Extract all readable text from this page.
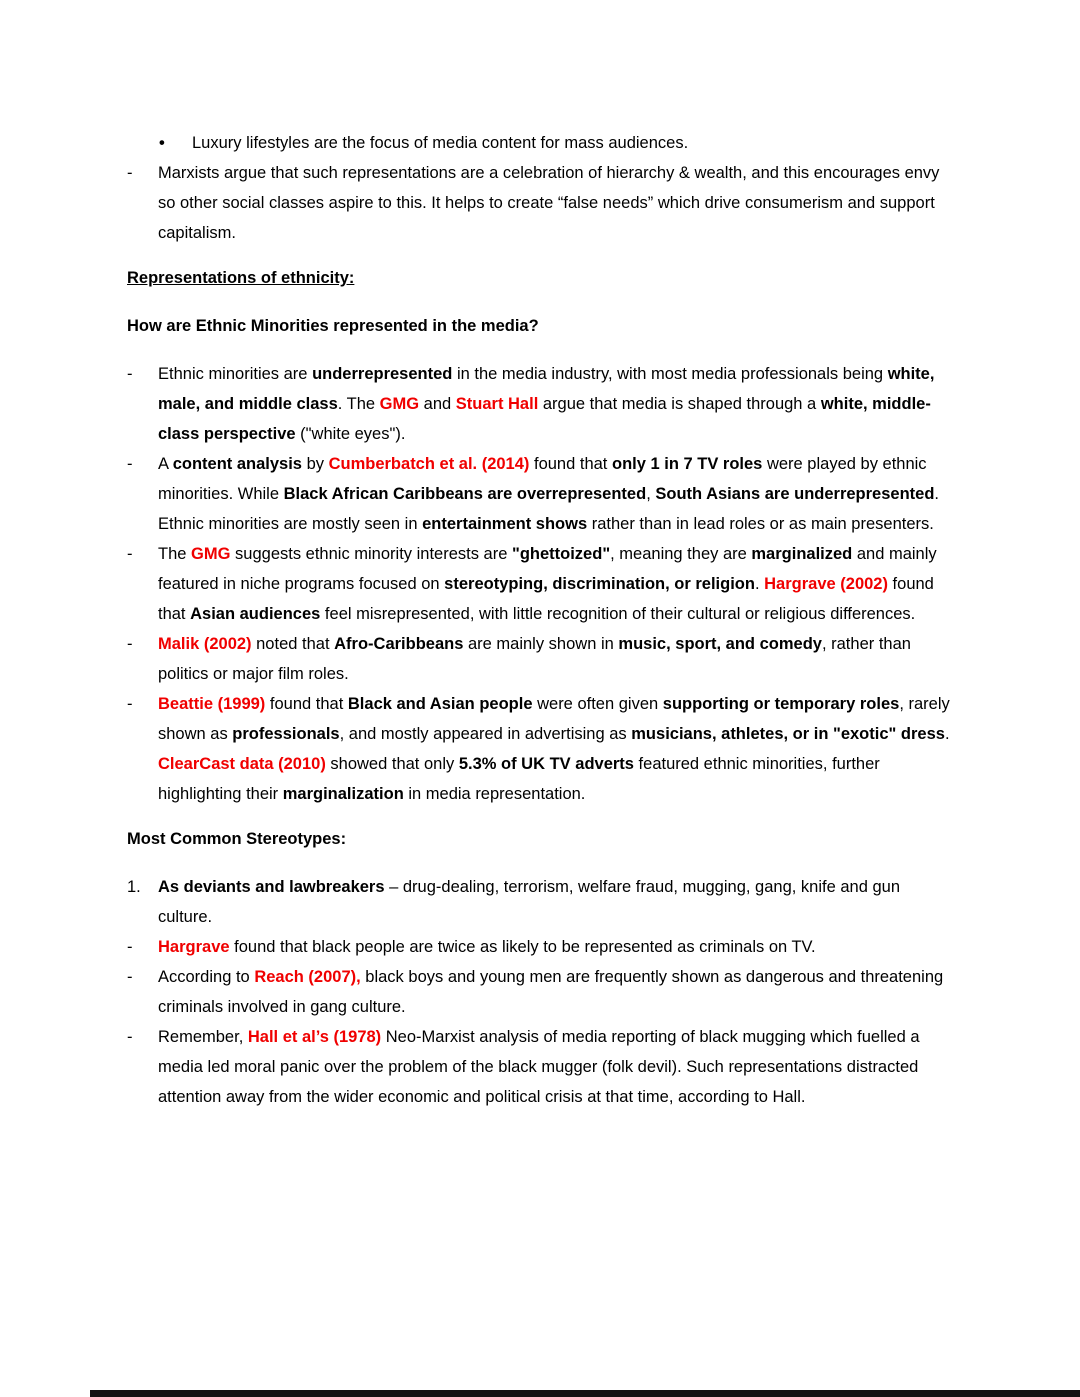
•	Luxury lifestyles are the focus of media content for mass audiences.
-	Marxists argue that such representations are a celebration of hierarchy & wealth, and this encourages envy so other social classes aspire to this. It helps to create “false needs” which drive consumerism and support capitalism.
Representations of ethnicity:
How are Ethnic Minorities represented in the media?
-	Ethnic minorities are underrepresented in the media industry, with most media professionals being white, male, and middle class. The GMG and Stuart Hall argue that media is shaped through a white, middle-class perspective ("white eyes").
-	A content analysis by Cumberbatch et al. (2014) found that only 1 in 7 TV roles were played by ethnic minorities. While Black African Caribbeans are overrepresented, South Asians are underrepresented. Ethnic minorities are mostly seen in entertainment shows rather than in lead roles or as main presenters.
-	The GMG suggests ethnic minority interests are "ghettoized", meaning they are marginalized and mainly featured in niche programs focused on stereotyping, discrimination, or religion. Hargrave (2002) found that Asian audiences feel misrepresented, with little recognition of their cultural or religious differences.
-	Malik (2002) noted that Afro-Caribbeans are mainly shown in music, sport, and comedy, rather than politics or major film roles.
-	Beattie (1999) found that Black and Asian people were often given supporting or temporary roles, rarely shown as professionals, and mostly appeared in advertising as musicians, athletes, or in "exotic" dress. ClearCast data (2010) showed that only 5.3% of UK TV adverts featured ethnic minorities, further highlighting their marginalization in media representation.
Most Common Stereotypes:
1.	As deviants and lawbreakers – drug-dealing, terrorism, welfare fraud, mugging, gang, knife and gun culture.
-	Hargrave found that black people are twice as likely to be represented as criminals on TV.
-	According to Reach (2007), black boys and young men are frequently shown as dangerous and threatening criminals involved in gang culture.
-	Remember, Hall et al’s (1978) Neo-Marxist analysis of media reporting of black mugging which fuelled a media led moral panic over the problem of the black mugger (folk devil). Such representations distracted attention away from the wider economic and political crisis at that time, according to Hall.
